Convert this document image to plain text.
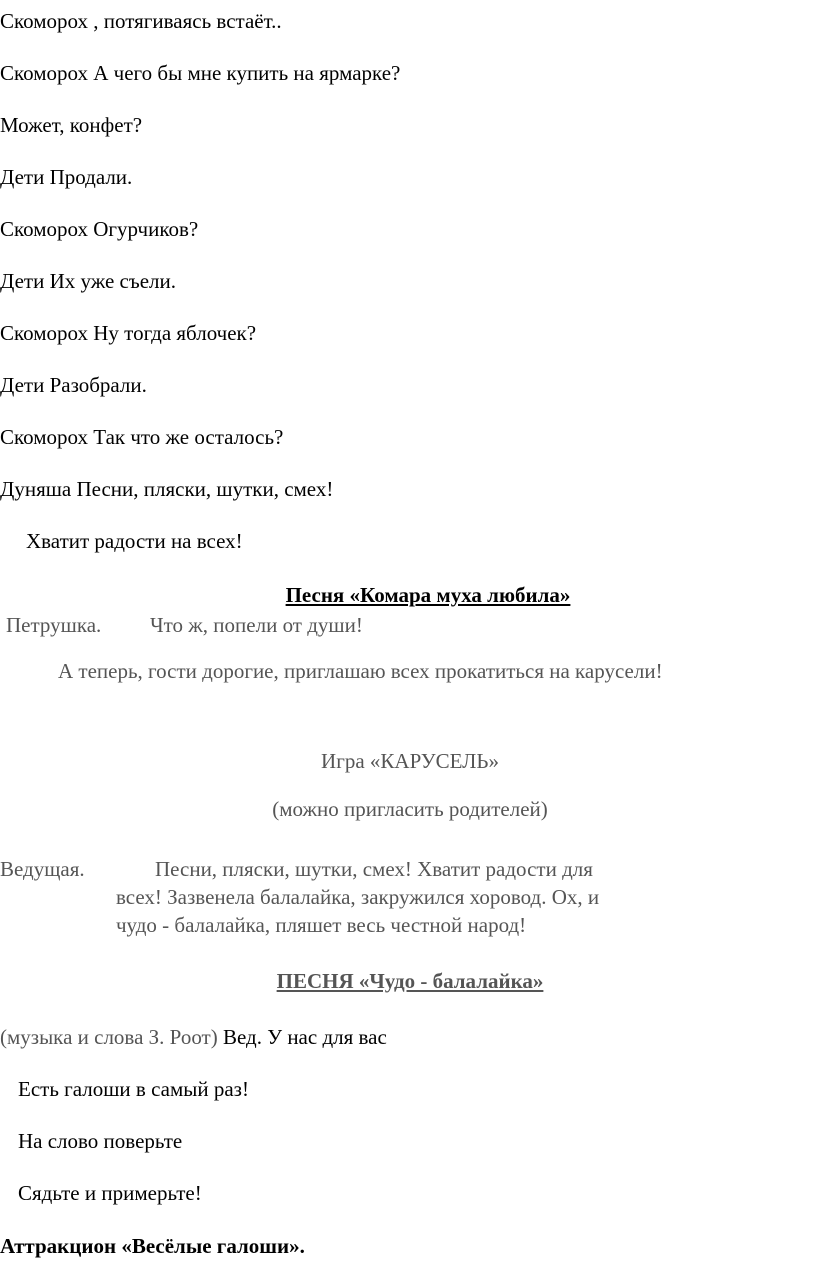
Скоморох , потягиваясь встаёт..
Скоморох А чего бы мне купить на ярмарке?
Может, конфет?
Дети Продали.
Скоморох Огурчиков?
Дети Их уже съели.
Скоморох Ну тогда яблочек?
Дети Разобрали.
Скоморох Так что же осталось?
Дуняша Песни, пляски, шутки, смех!
Хватит радости на всех!
Песня «Комара муха любила»
Петрушка. Что ж, попели от души!
А теперь, гости дорогие, приглашаю всех прокатиться на карусели!
Игра «КАРУСЕЛЬ»
(можно пригласить родителей)
Ведущая.	Песни, пляски, шутки, смех! Хватит радости для
всех! Зазвенела балалайка, закружился хоровод. Ох, и
чудо - балалайка, пляшет весь честной народ!
ПЕСНЯ «Чудо - балалайка»
(музыка и слова З. Роот) Вед. У нас для вас
Есть галоши в самый раз!
На слово поверьте
Сядьте и примерьте!
Аттракцион «Весёлые галоши».
